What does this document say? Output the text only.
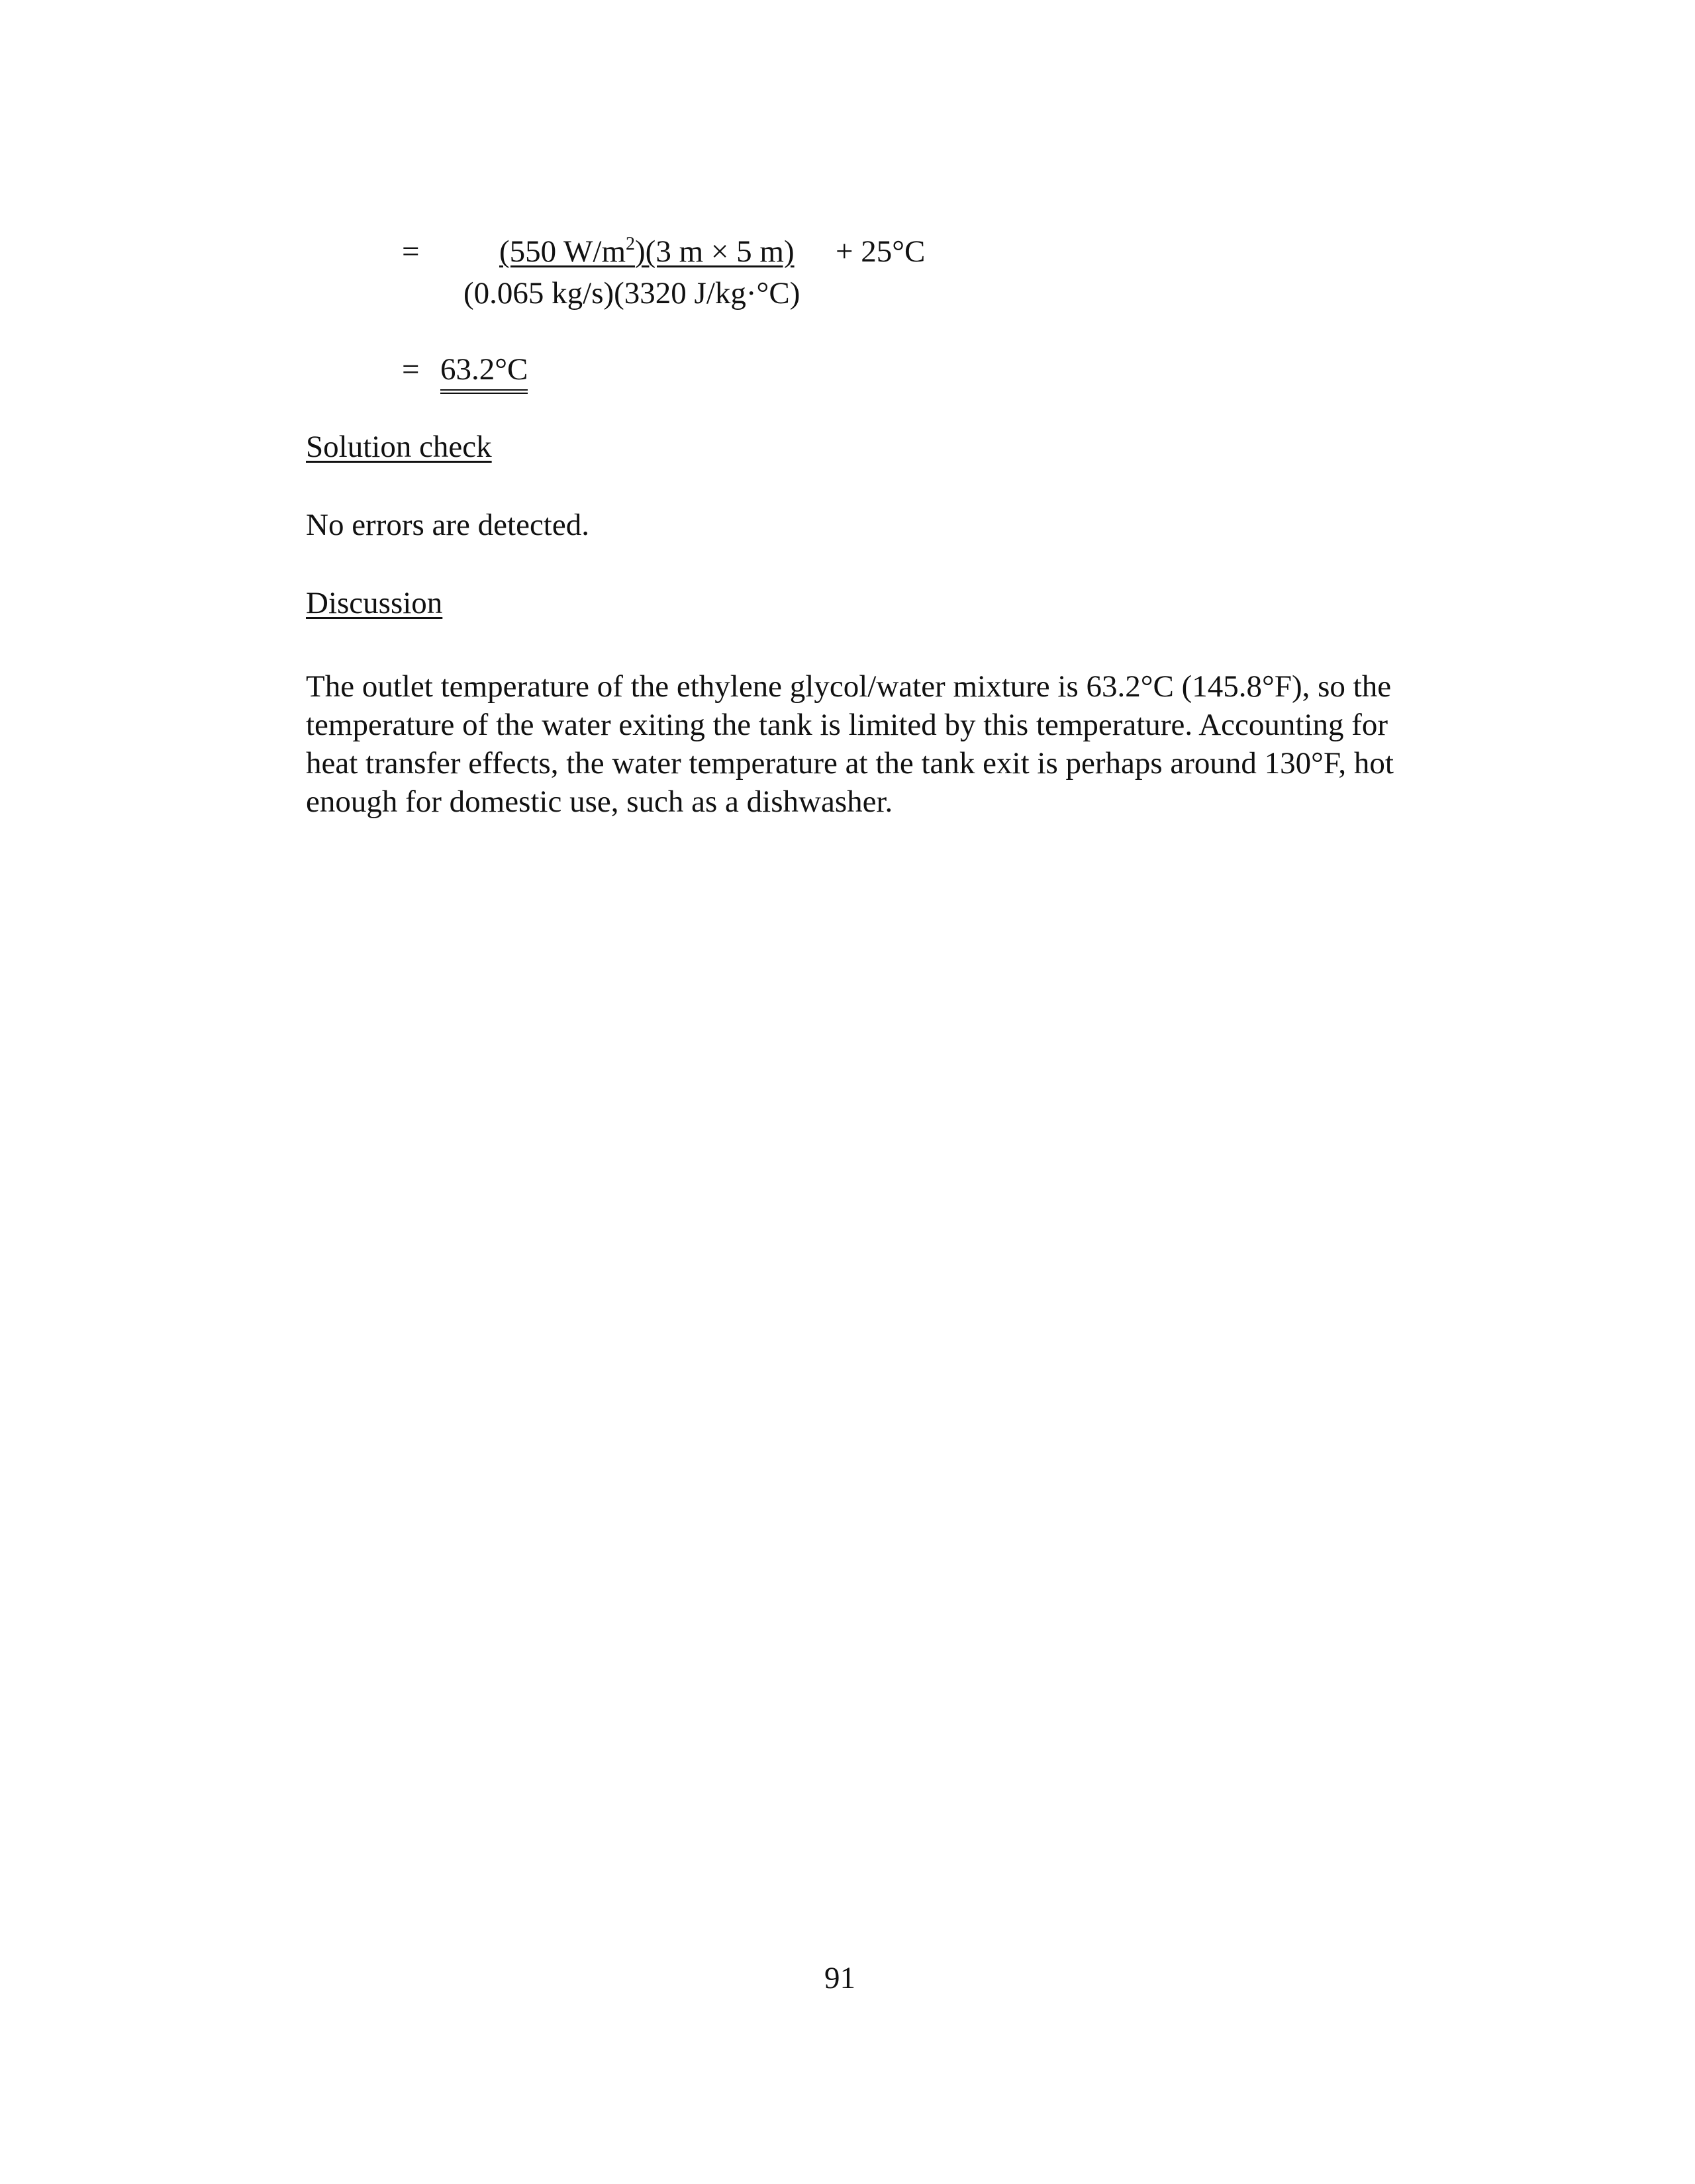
=	(550 $W/m^2)(3$ m × 5 m) + 25°C
(0.065 kg/s)(3320 J/kg·°C)
= 63.2°C
Solution check
No errors are detected.
Discussion
The outlet temperature of the ethylene glycol/water mixture is 63.2°C (145.8°F), so the
temperature of the water exiting the tank is limited by this temperature. Accounting for
heat transfer effects, the water temperature at the tank exit is perhaps around 130°F, hot
enough for domestic use, such as a dishwasher.
91
